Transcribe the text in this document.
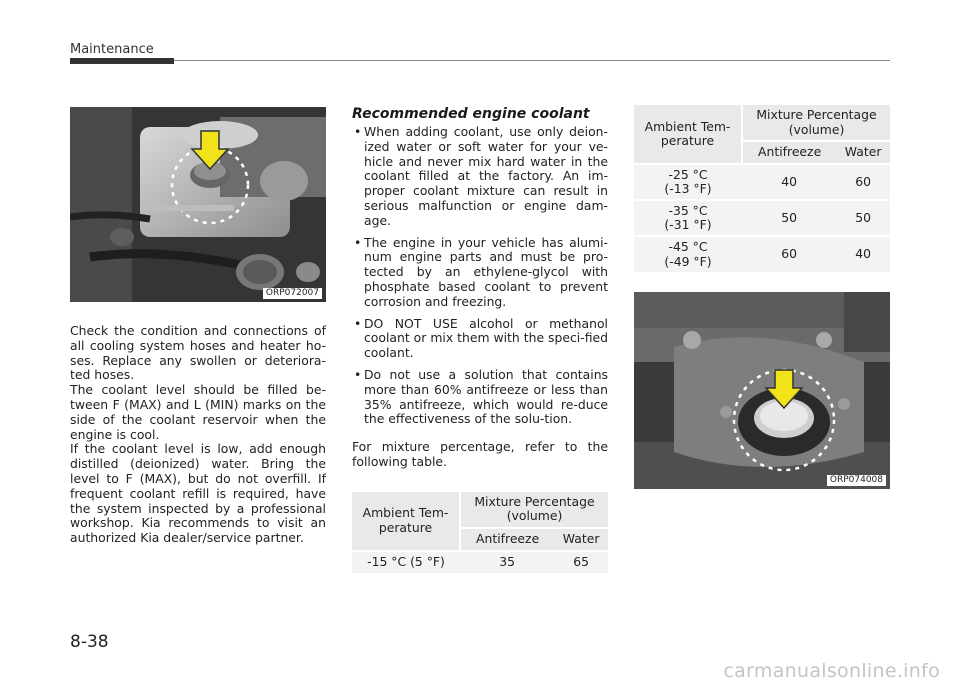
Maintenance
ORP072007

Check the condition and connections of all cooling system hoses and heater ho-ses. Replace any swollen or deteriora-ted hoses.

The coolant level should be filled be-tween F (MAX) and L (MIN) marks on the side of the coolant reservoir when the engine is cool.

If the coolant level is low, add enough distilled (deionized) water. Bring the level to F (MAX), but do not overfill. If frequent coolant refill is required, have the system inspected by a professional workshop. Kia recommends to visit an authorized Kia dealer/service partner.

Recommended engine coolant
• When adding coolant, use only deion-ized water or soft water for your ve-hicle and never mix hard water in the coolant filled at the factory. An im-proper coolant mixture can result in serious malfunction or engine dam-age.
• The engine in your vehicle has alumi-num engine parts and must be pro-tected by an ethylene-glycol with phosphate based coolant to prevent corrosion and freezing.
• DO NOT USE alcohol or methanol coolant or mix them with the speci-fied coolant.
• Do not use a solution that contains more than 60% antifreeze or less than 35% antifreeze, which would re-duce the effectiveness of the solu-tion.

For mixture percentage, refer to the following table.

Ambient Tem-perature	Mixture Percentage (volume)	
	Antifreeze	Water
-15 °C (5 °F)	35	65
Ambient Tem-perature	Mixture Percentage (volume)	
	Antifreeze	Water
-25 °C
(-13 °F)	40	60
-35 °C
(-31 °F)	50	50
-45 °C
(-49 °F)	60	40
ORP074008
8-38
carmanualsonline.info
